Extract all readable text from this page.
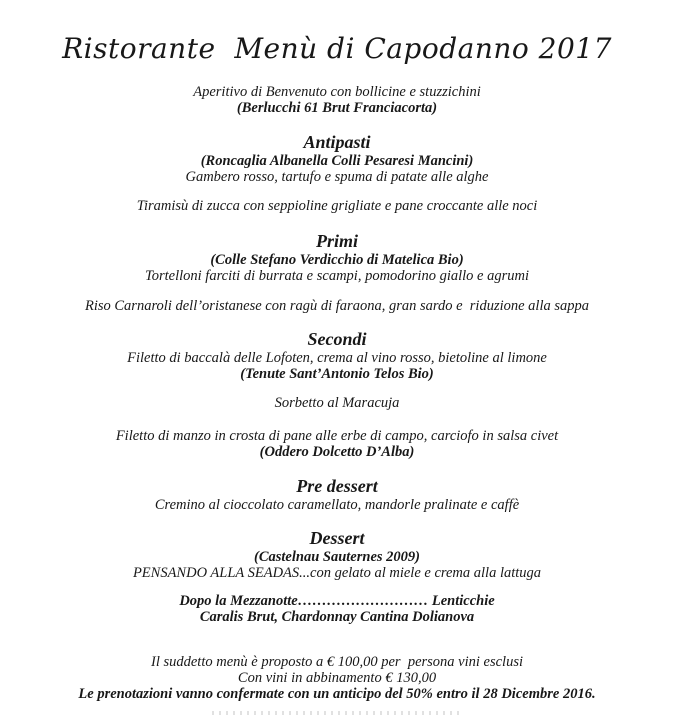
Ristorante  Menù di Capodanno 2017
Aperitivo di Benvenuto con bollicine e stuzzichini
(Berlucchi 61 Brut Franciacorta)
Antipasti
(Roncaglia Albanella Colli Pesaresi Mancini)
Gambero rosso, tartufo e spuma di patate alle alghe
Tiramisù di zucca con seppioline grigliate e pane croccante alle noci
Primi
(Colle Stefano Verdicchio di Matelica Bio)
Tortelloni farciti di burrata e scampi, pomodorino giallo e agrumi
Riso Carnaroli dell’oristanese con ragù di faraona, gran sardo e  riduzione alla sappa
Secondi
Filetto di baccalà delle Lofoten, crema al vino rosso, bietoline al limone
(Tenute Sant’Antonio Telos Bio)
Sorbetto al Maracuja
Filetto di manzo in crosta di pane alle erbe di campo, carciofo in salsa civet
(Oddero Dolcetto D’Alba)
Pre dessert
Cremino al cioccolato caramellato, mandorle pralinate e caffè
Dessert
(Castelnau Sauternes 2009)
PENSANDO ALLA SEADAS...con gelato al miele e crema alla lattuga
Dopo la Mezzanotte……………………… Lenticchie
Caralis Brut, Chardonnay Cantina Dolianova
Il suddetto menù è proposto a € 100,00 per  persona vini esclusi
Con vini in abbinamento € 130,00
Le prenotazioni vanno confermate con un anticipo del 50% entro il 28 Dicembre 2016.
